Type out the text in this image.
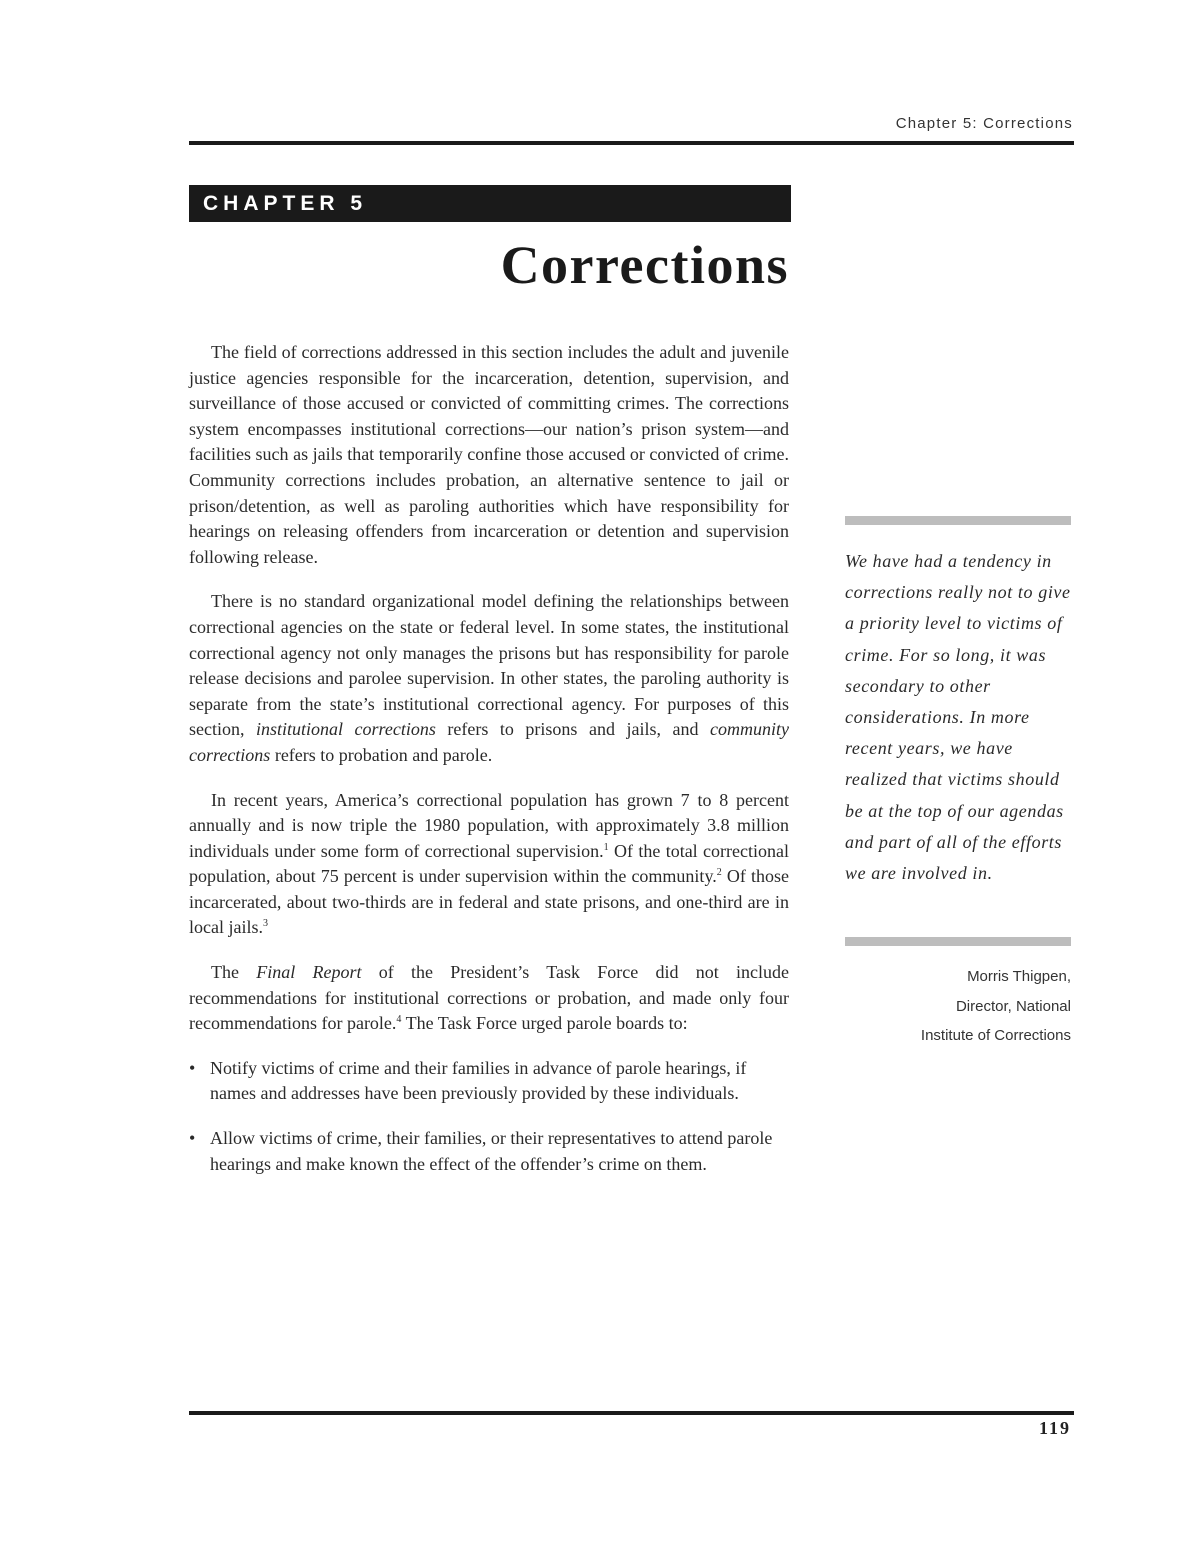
Chapter 5: Corrections
CHAPTER 5
Corrections

The field of corrections addressed in this section includes the adult and juvenile justice agencies responsible for the incarceration, detention, supervision, and surveillance of those accused or convicted of committing crimes. The corrections system encompasses institutional corrections—our nation’s prison system—and facilities such as jails that temporarily confine those accused or convicted of crime. Community corrections includes probation, an alternative sentence to jail or prison/detention, as well as paroling authorities which have responsibility for hearings on releasing offenders from incarceration or detention and supervision following release.

There is no standard organizational model defining the relationships between correctional agencies on the state or federal level. In some states, the institutional correctional agency not only manages the prisons but has responsibility for parole release decisions and parolee supervision. In other states, the paroling authority is separate from the state’s institutional correctional agency. For purposes of this section, institutional corrections refers to prisons and jails, and community corrections refers to probation and parole.

In recent years, America’s correctional population has grown 7 to 8 percent annually and is now triple the 1980 population, with approximately 3.8 million individuals under some form of correctional supervision.$^1$ Of the total correctional population, about 75 percent is under supervision within the community.$^2$ Of those incarcerated, about two-thirds are in federal and state prisons, and one-third are in local jails.$^3$

The Final Report of the President’s Task Force did not include recommendations for institutional corrections or probation, and made only four recommendations for parole.$^4$ The Task Force urged parole boards to:

• Notify victims of crime and their families in advance of parole hearings, if names and addresses have been previously provided by these individuals.
• Allow victims of crime, their families, or their representatives to attend parole hearings and make known the effect of the offender’s crime on them.
We have had a tendency in corrections really not to give a priority level to victims of crime. For so long, it was secondary to other considerations. In more recent years, we have realized that victims should be at the top of our agendas and part of all of the efforts we are involved in.
Morris Thigpen,
Director, National
Institute of Corrections
119
